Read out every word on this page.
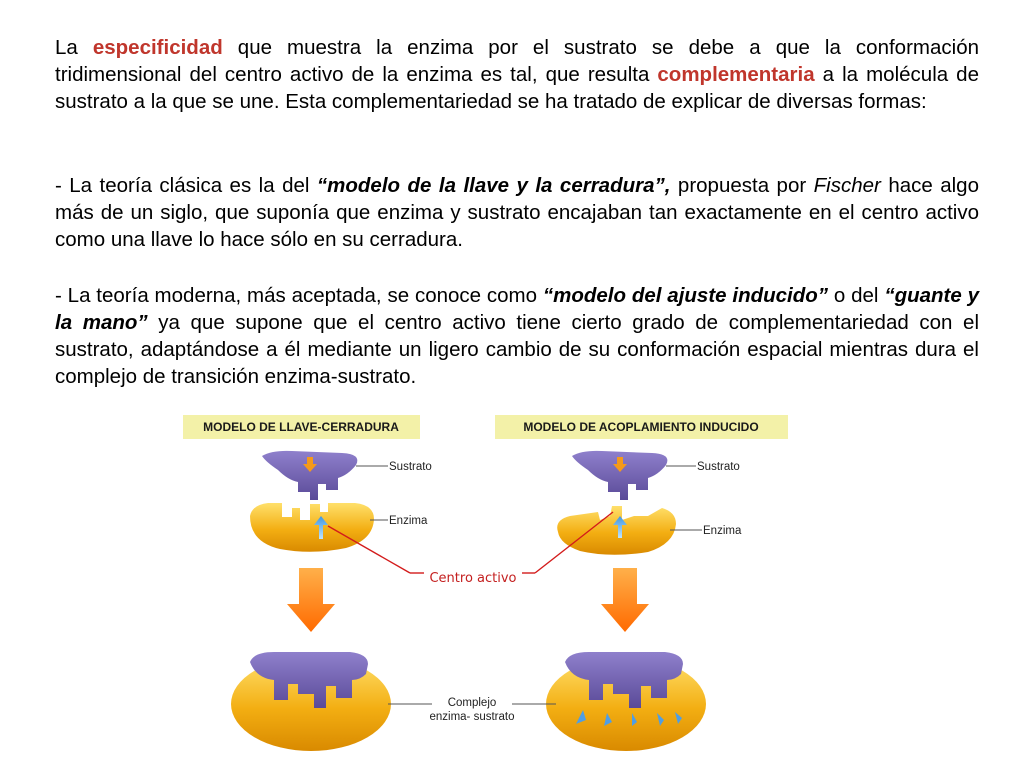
La especificidad que muestra la enzima por el sustrato se debe a que la conformación tridimensional del centro activo de la enzima es tal, que resulta complementaria a la molécula de sustrato a la que se une. Esta complementariedad se ha tratado de explicar de diversas formas:

- La teoría clásica es la del “modelo de la llave y la cerradura”, propuesta por Fischer hace algo más de un siglo, que suponía que enzima y sustrato encajaban tan exactamente en el centro activo como una llave lo hace sólo en su cerradura.

- La teoría moderna, más aceptada, se conoce como “modelo del ajuste inducido” o del “guante y la mano” ya que supone que el centro activo tiene cierto grado de complementariedad con el sustrato, adaptándose a él mediante un ligero cambio de su conformación espacial mientras dura el complejo de transición enzima-sustrato.

MODELO DE LLAVE-CERRADURA	MODELO DE ACOPLAMIENTO INDUCIDO
Sustrato
Enzima
Sustrato
Enzima
Centro activo
Complejo
enzima- sustrato
